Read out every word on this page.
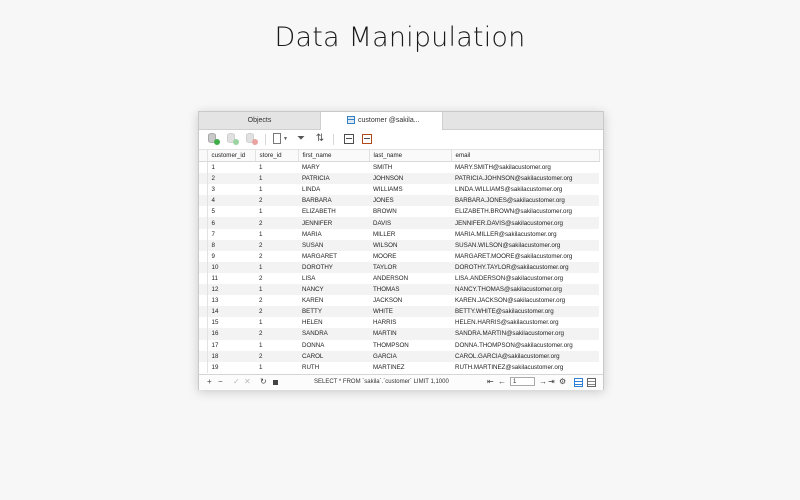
Data Manipulation
Objects	customer @sakila...
▼ ⏷ ⇅
	customer_id	store_id	first_name	last_name	email
	1	1	MARY	SMITH	MARY.SMITH@sakilacustomer.org
	2	1	PATRICIA	JOHNSON	PATRICIA.JOHNSON@sakilacustomer.org
	3	1	LINDA	WILLIAMS	LINDA.WILLIAMS@sakilacustomer.org
	4	2	BARBARA	JONES	BARBARA.JONES@sakilacustomer.org
	5	1	ELIZABETH	BROWN	ELIZABETH.BROWN@sakilacustomer.org
	6	2	JENNIFER	DAVIS	JENNIFER.DAVIS@sakilacustomer.org
	7	1	MARIA	MILLER	MARIA.MILLER@sakilacustomer.org
	8	2	SUSAN	WILSON	SUSAN.WILSON@sakilacustomer.org
	9	2	MARGARET	MOORE	MARGARET.MOORE@sakilacustomer.org
	10	1	DOROTHY	TAYLOR	DOROTHY.TAYLOR@sakilacustomer.org
	11	2	LISA	ANDERSON	LISA.ANDERSON@sakilacustomer.org
	12	1	NANCY	THOMAS	NANCY.THOMAS@sakilacustomer.org
	13	2	KAREN	JACKSON	KAREN.JACKSON@sakilacustomer.org
	14	2	BETTY	WHITE	BETTY.WHITE@sakilacustomer.org
	15	1	HELEN	HARRIS	HELEN.HARRIS@sakilacustomer.org
	16	2	SANDRA	MARTIN	SANDRA.MARTIN@sakilacustomer.org
	17	1	DONNA	THOMPSON	DONNA.THOMPSON@sakilacustomer.org
	18	2	CAROL	GARCIA	CAROL.GARCIA@sakilacustomer.org
	19	1	RUTH	MARTINEZ	RUTH.MARTINEZ@sakilacustomer.org
+ − ✓ ✕ ↻	SELECT * FROM `sakila`.`customer` LIMIT 1,1000	⇤ ←	1	→ ⇥ ⚙
